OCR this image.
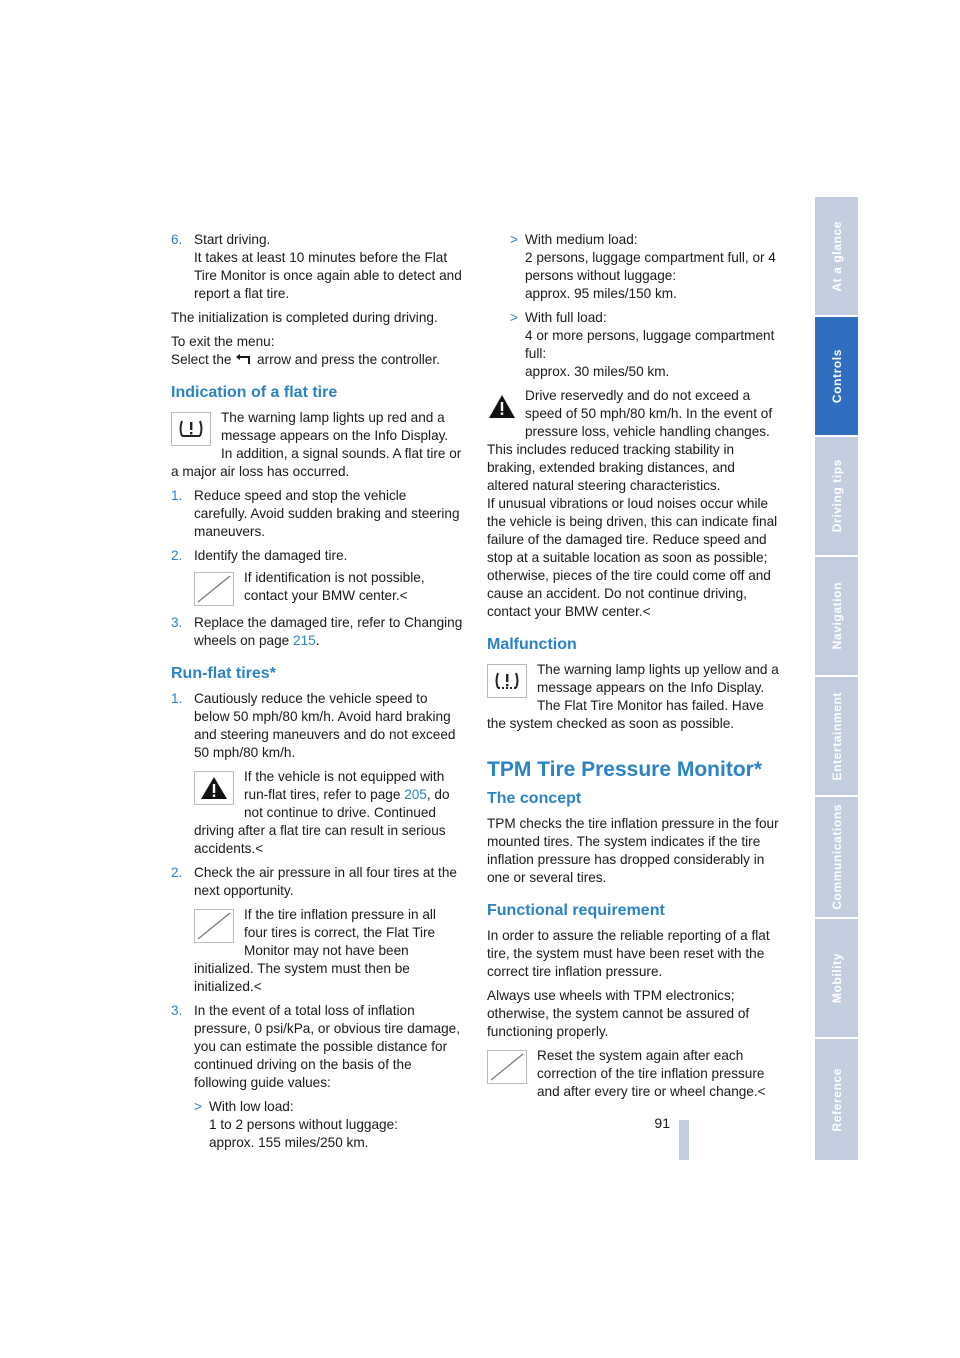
6. Start driving.
It takes at least 10 minutes before the Flat Tire Monitor is once again able to detect and report a flat tire.

The initialization is completed during driving.

To exit the menu:
Select the arrow and press the controller.

Indication of a flat tire
The warning lamp lights up red and a message appears on the Info Display. In addition, a signal sounds. A flat tire or a major air loss has occurred.
1. Reduce speed and stop the vehicle carefully. Avoid sudden braking and steering maneuvers.
2. Identify the damaged tire.
If identification is not possible, contact your BMW center.<
3. Replace the damaged tire, refer to Changing wheels on page 215.
Run-flat tires*
1. Cautiously reduce the vehicle speed to below 50 mph/80 km/h. Avoid hard braking and steering maneuvers and do not exceed 50 mph/80 km/h.
If the vehicle is not equipped with run-flat tires, refer to page 205, do not continue to drive. Continued driving after a flat tire can result in serious accidents.<
2. Check the air pressure in all four tires at the next opportunity.
If the tire inflation pressure in all four tires is correct, the Flat Tire Monitor may not have been initialized. The system must then be initialized.<
3. In the event of a total loss of inflation pressure, 0 psi/kPa, or obvious tire damage, you can estimate the possible distance for continued driving on the basis of the following guide values:
> With low load:
1 to 2 persons without luggage:
approx. 155 miles/250 km.
> With medium load:
2 persons, luggage compartment full, or 4 persons without luggage:
approx. 95 miles/150 km.
> With full load:
4 or more persons, luggage compartment full:
approx. 30 miles/50 km.
Drive reservedly and do not exceed a speed of 50 mph/80 km/h. In the event of pressure loss, vehicle handling changes. This includes reduced tracking stability in braking, extended braking distances, and altered natural steering characteristics.
If unusual vibrations or loud noises occur while the vehicle is being driven, this can indicate final failure of the damaged tire. Reduce speed and stop at a suitable location as soon as possible; otherwise, pieces of the tire could come off and cause an accident. Do not continue driving, contact your BMW center.<
Malfunction
The warning lamp lights up yellow and a message appears on the Info Display. The Flat Tire Monitor has failed. Have the system checked as soon as possible.
TPM Tire Pressure Monitor*
The concept

TPM checks the tire inflation pressure in the four mounted tires. The system indicates if the tire inflation pressure has dropped considerably in one or several tires.

Functional requirement

In order to assure the reliable reporting of a flat tire, the system must have been reset with the correct tire inflation pressure.

Always use wheels with TPM electronics; otherwise, the system cannot be assured of functioning properly.

Reset the system again after each correction of the tire inflation pressure and after every tire or wheel change.<
91
At a glance
Controls
Driving tips
Navigation
Entertainment
Communications
Mobility
Reference
